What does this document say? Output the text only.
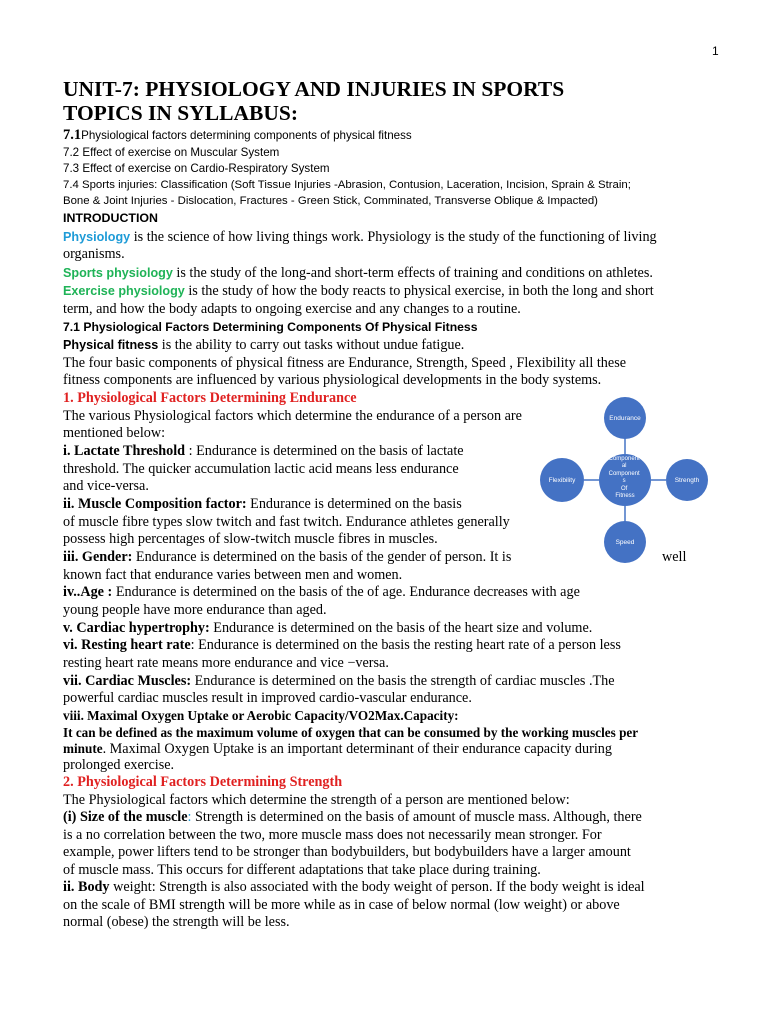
1
UNIT-7: PHYSIOLOGY AND INJURIES IN SPORTS
TOPICS IN SYLLABUS:
7.1Physiological factors determining components of physical fitness
7.2 Effect of exercise on Muscular System
7.3 Effect of exercise on Cardio-Respiratory System
7.4 Sports injuries: Classification (Soft Tissue Injuries -Abrasion, Contusion, Laceration, Incision, Sprain & Strain;
Bone & Joint Injuries - Dislocation, Fractures - Green Stick, Comminated, Transverse Oblique & Impacted)
INTRODUCTION
Physiology is the science of how living things work. Physiology is the study of the functioning of living
organisms.
Sports physiology is the study of the long-and short-term effects of training and conditions on athletes.
Exercise physiology is the study of how the body reacts to physical exercise, in both the long and short
term, and how the body adapts to ongoing exercise and any changes to a routine.
7.1 Physiological Factors Determining Components Of Physical Fitness
Physical fitness is the ability to carry out tasks without undue fatigue.
The four basic components of physical fitness are Endurance, Strength, Speed , Flexibility all these
fitness components are influenced by various physiological developments in the body systems.
1. Physiological Factors Determining Endurance
The various Physiological factors which determine the endurance of a person are
mentioned below:
i. Lactate Threshold : Endurance is determined on the basis of lactate
threshold. The quicker accumulation lactic acid means less endurance
and vice-versa.
ii. Muscle Composition factor: Endurance is determined on the basis
of muscle fibre types slow twitch and fast twitch. Endurance athletes generally
possess high percentages of slow-twitch muscle fibres in muscles.
iii. Gender: Endurance is determined on the basis of the gender of person. It is	well
known fact that endurance varies between men and women.
iv..Age : Endurance is determined on the basis of the of age. Endurance decreases with age
young people have more endurance than aged.
v. Cardiac hypertrophy: Endurance is determined on the basis of the heart size and volume.
vi. Resting heart rate: Endurance is determined on the basis the resting heart rate of a person less
resting heart rate means more endurance and vice −versa.
vii. Cardiac Muscles: Endurance is determined on the basis the strength of cardiac muscles .The
powerful cardiac muscles result in improved cardio-vascular endurance.
viii. Maximal Oxygen Uptake or Aerobic Capacity/VO2Max.Capacity:
It can be defined as the maximum volume of oxygen that can be consumed by the working muscles per
minute. Maximal Oxygen Uptake is an important determinant of their endurance capacity during
prolonged exercise.
2. Physiological Factors Determining Strength
The Physiological factors which determine the strength of a person are mentioned below:
(i) Size of the muscle: Strength is determined on the basis of amount of muscle mass. Although, there
is a no correlation between the two, more muscle mass does not necessarily mean stronger. For
example, power lifters tend to be stronger than bodybuilders, but bodybuilders have a larger amount
of muscle mass. This occurs for different adaptations that take place during training.
ii. Body weight: Strength is also associated with the body weight of person. If the body weight is ideal
on the scale of BMI strength will be more while as in case of below normal (low weight) or above
normal (obese) the strength will be less.
Component al Component s Of Fitness
Endurance
Strength
Speed
Flexibility
